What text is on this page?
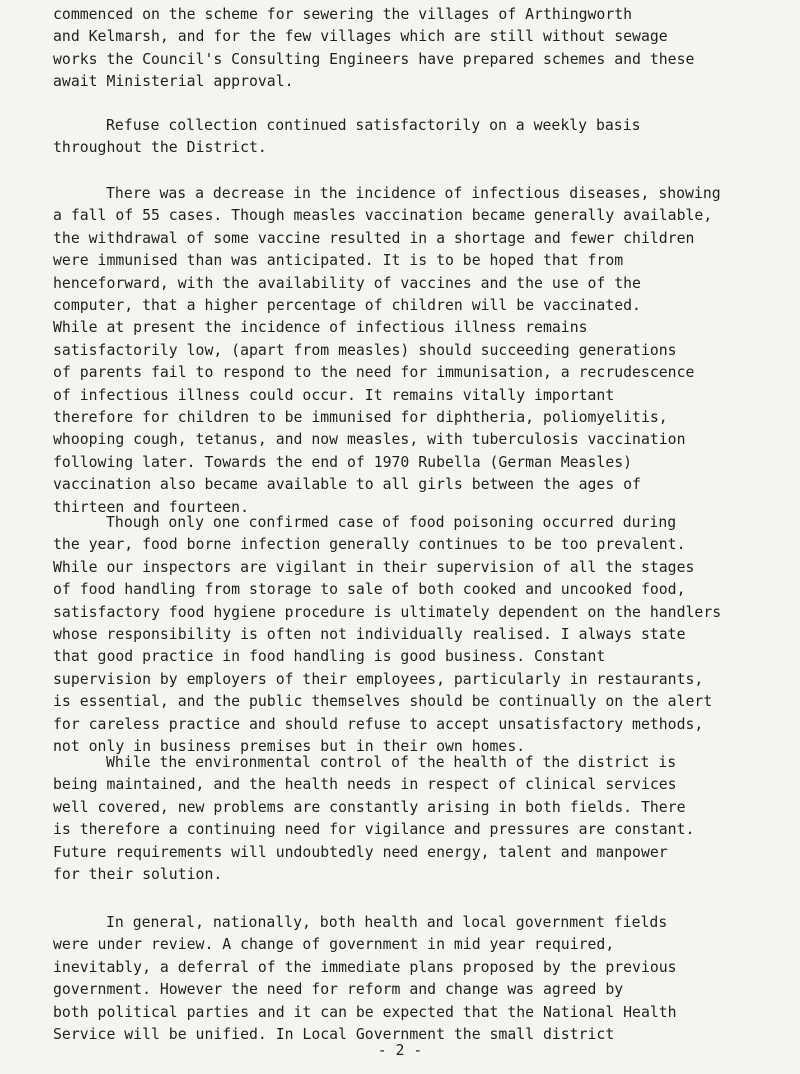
commenced on the scheme for sewering the villages of Arthingworth
and Kelmarsh, and for the few villages which are still without sewage
works the Council's Consulting Engineers have prepared schemes and these
await Ministerial approval.
Refuse collection continued satisfactorily on a weekly basis
throughout the District.
There was a decrease in the incidence of infectious diseases, showing
a fall of 55 cases. Though measles vaccination became generally available,
the withdrawal of some vaccine resulted in a shortage and fewer children
were immunised than was anticipated. It is to be hoped that from
henceforward, with the availability of vaccines and the use of the
computer, that a higher percentage of children will be vaccinated.
While at present the incidence of infectious illness remains
satisfactorily low, (apart from measles) should succeeding generations
of parents fail to respond to the need for immunisation, a recrudescence
of infectious illness could occur. It remains vitally important
therefore for children to be immunised for diphtheria, poliomyelitis,
whooping cough, tetanus, and now measles, with tuberculosis vaccination
following later. Towards the end of 1970 Rubella (German Measles)
vaccination also became available to all girls between the ages of
thirteen and fourteen.
Though only one confirmed case of food poisoning occurred during
the year, food borne infection generally continues to be too prevalent.
While our inspectors are vigilant in their supervision of all the stages
of food handling from storage to sale of both cooked and uncooked food,
satisfactory food hygiene procedure is ultimately dependent on the handlers
whose responsibility is often not individually realised. I always state
that good practice in food handling is good business. Constant
supervision by employers of their employees, particularly in restaurants,
is essential, and the public themselves should be continually on the alert
for careless practice and should refuse to accept unsatisfactory methods,
not only in business premises but in their own homes.
While the environmental control of the health of the district is
being maintained, and the health needs in respect of clinical services
well covered, new problems are constantly arising in both fields. There
is therefore a continuing need for vigilance and pressures are constant.
Future requirements will undoubtedly need energy, talent and manpower
for their solution.
In general, nationally, both health and local government fields
were under review. A change of government in mid year required,
inevitably, a deferral of the immediate plans proposed by the previous
government. However the need for reform and change was agreed by
both political parties and it can be expected that the National Health
Service will be unified. In Local Government the small district
- 2 -
